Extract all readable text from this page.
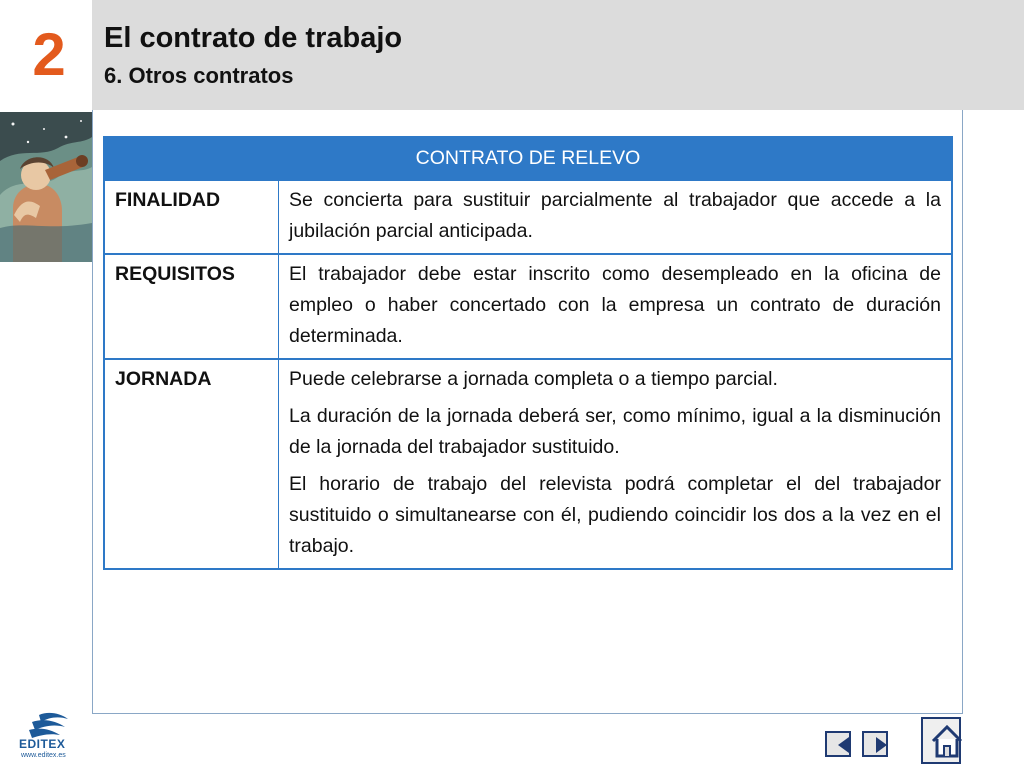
2 El contrato de trabajo
6. Otros contratos
CONTRATO DE RELEVO
FINALIDAD	Se concierta para sustituir parcialmente al trabajador que accede a la jubilación parcial anticipada.

REQUISITOS	El trabajador debe estar inscrito como desempleado en la oficina de empleo o haber concertado con la empresa un contrato de duración determinada.

JORNADA	Puede celebrarse a jornada completa o a tiempo parcial.

La duración de la jornada deberá ser, como mínimo, igual a la disminución de la jornada del trabajador sustituido.

El horario de trabajo del relevista podrá completar el del trabajador sustituido o simultanearse con él, pudiendo coincidir los dos a la vez en el trabajo.

EDITEX
www.editex.es
